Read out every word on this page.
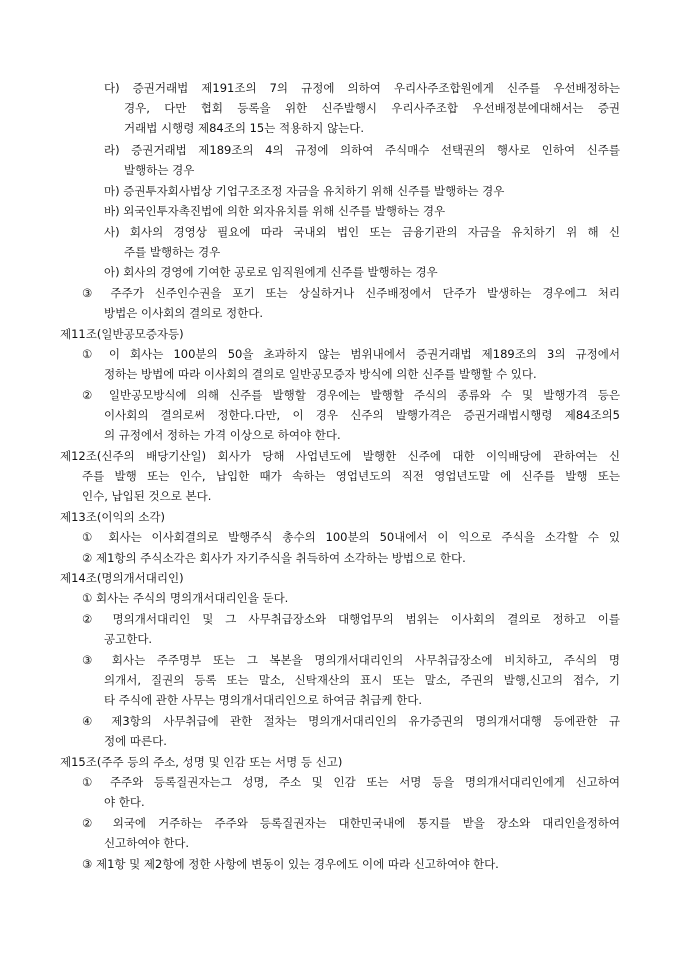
다) 증권거래법 제191조의 7의 규정에 의하여 우리사주조합원에게 신주를 우선배정하는
경우, 다만 협회 등록을 위한 신주발행시 우리사주조합 우선배정분에대해서는 증권
거래법 시행령 제84조의 15는 적용하지 않는다.
라) 증권거래법 제189조의 4의 규정에 의하여 주식매수 선택권의 행사로 인하여 신주를
발행하는 경우
마) 증권투자회사법상 기업구조조정 자금을 유치하기 위해 신주를 발행하는 경우
바) 외국인투자촉진법에 의한 외자유치를 위해 신주를 발행하는 경우
사) 회사의 경영상 필요에 따라 국내외 법인 또는 금융기관의 자금을 유치하기 위 해 신
주를 발행하는 경우
아) 회사의 경영에 기여한 공로로 임직원에게 신주를 발행하는 경우
③ 주주가 신주인수권을 포기 또는 상실하거나 신주배정에서 단주가 발생하는 경우에그 처리
방법은 이사회의 결의로 정한다.
제11조(일반공모증자등)
① 이 회사는 100분의 50을 초과하지 않는 범위내에서 증권거래법 제189조의 3의 규정에서
정하는 방법에 따라 이사회의 결의로 일반공모증자 방식에 의한 신주를 발행할 수 있다.
② 일반공모방식에 의해 신주를 발행할 경우에는 발행할 주식의 종류와 수 및 발행가격 등은
이사회의 결의로써 정한다.다만, 이 경우 신주의 발행가격은 증권거래법시행령 제84조의5
의 규정에서 정하는 가격 이상으로 하여야 한다.
제12조(신주의 배당기산일) 회사가 당해 사업년도에 발행한 신주에 대한 이익배당에 관하여는 신
주를 발행 또는 인수, 납입한 때가 속하는 영업년도의 직전 영업년도말 에 신주를 발행 또는
인수, 납입된 것으로 본다.
제13조(이익의 소각)
① 회사는 이사회결의로 발행주식 총수의 100분의 50내에서 이 익으로 주식을 소각할 수 있
② 제1항의 주식소각은 회사가 자기주식을 취득하여 소각하는 방법으로 한다.
제14조(명의개서대리인)
① 회사는 주식의 명의개서대리인을 둔다.
② 명의개서대리인 및 그 사무취급장소와 대행업무의 범위는 이사회의 결의로 정하고 이를
공고한다.
③ 회사는 주주명부 또는 그 복본을 명의개서대리인의 사무취급장소에 비치하고, 주식의 명
의개서, 질권의 등록 또는 말소, 신탁재산의 표시 또는 말소, 주권의 발행,신고의 접수, 기
타 주식에 관한 사무는 명의개서대리인으로 하여금 취급케 한다.
④ 제3항의 사무취급에 관한 절차는 명의개서대리인의 유가증권의 명의개서대행 등에관한 규
정에 따른다.
제15조(주주 등의 주소, 성명 및 인감 또는 서명 등 신고)
① 주주와 등록질권자는그 성명, 주소 및 인감 또는 서명 등을 명의개서대리인에게 신고하여
야 한다.
② 외국에 거주하는 주주와 등록질권자는 대한민국내에 통지를 받을 장소와 대리인을정하여
신고하여야 한다.
③ 제1항 및 제2항에 정한 사항에 변동이 있는 경우에도 이에 따라 신고하여야 한다.
